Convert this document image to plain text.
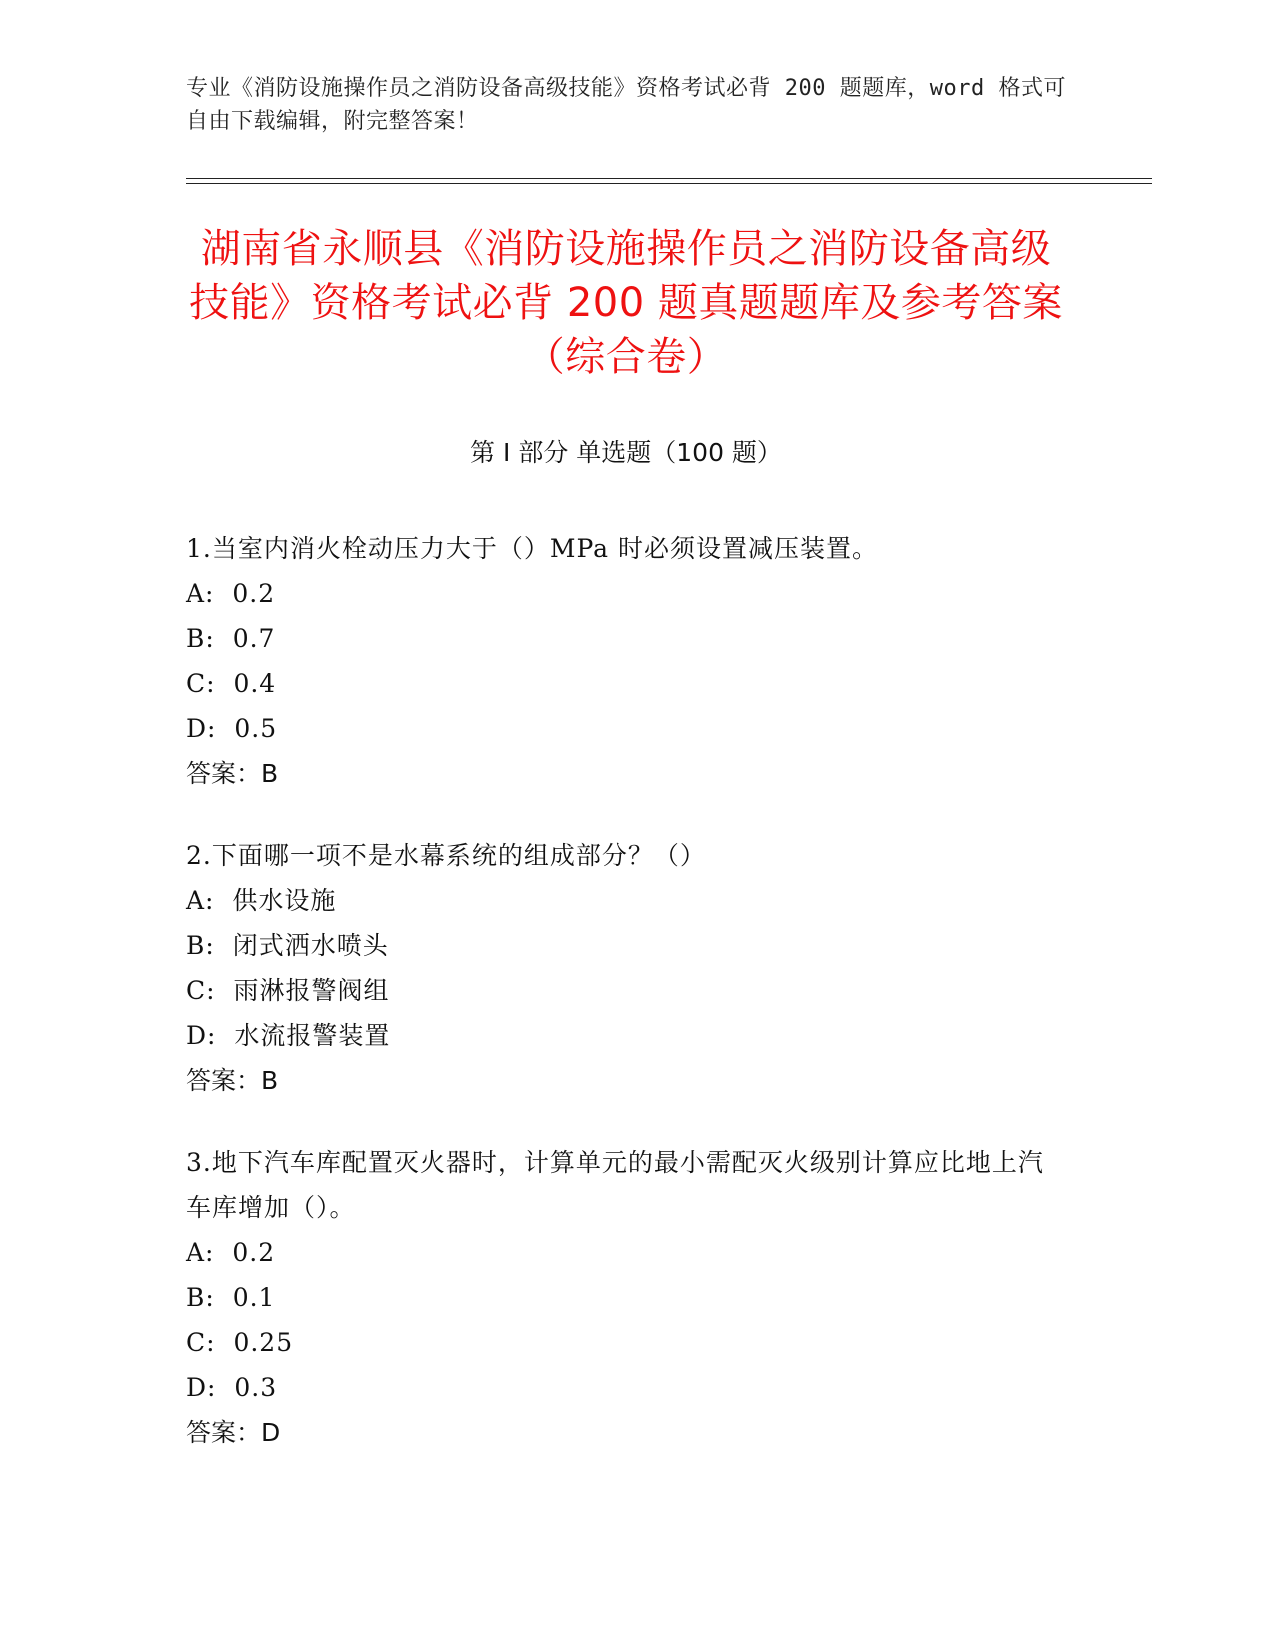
专业《消防设施操作员之消防设备高级技能》资格考试必背 200 题题库，word 格式可自由下载编辑，附完整答案！
湖南省永顺县《消防设施操作员之消防设备高级技能》资格考试必背 200 题真题题库及参考答案（综合卷）
第 I 部分 单选题（100 题）

1.当室内消火栓动压力大于（）MPa 时必须设置减压装置。

A:  0.2

B:  0.7

C:  0.4

D:  0.5

答案：B

2.下面哪一项不是水幕系统的组成部分？（）

A:  供水设施

B:  闭式洒水喷头

C:  雨淋报警阀组

D:  水流报警装置

答案：B

3.地下汽车库配置灭火器时，计算单元的最小需配灭火级别计算应比地上汽车库增加（）。

A:  0.2

B:  0.1

C:  0.25

D:  0.3

答案：D
